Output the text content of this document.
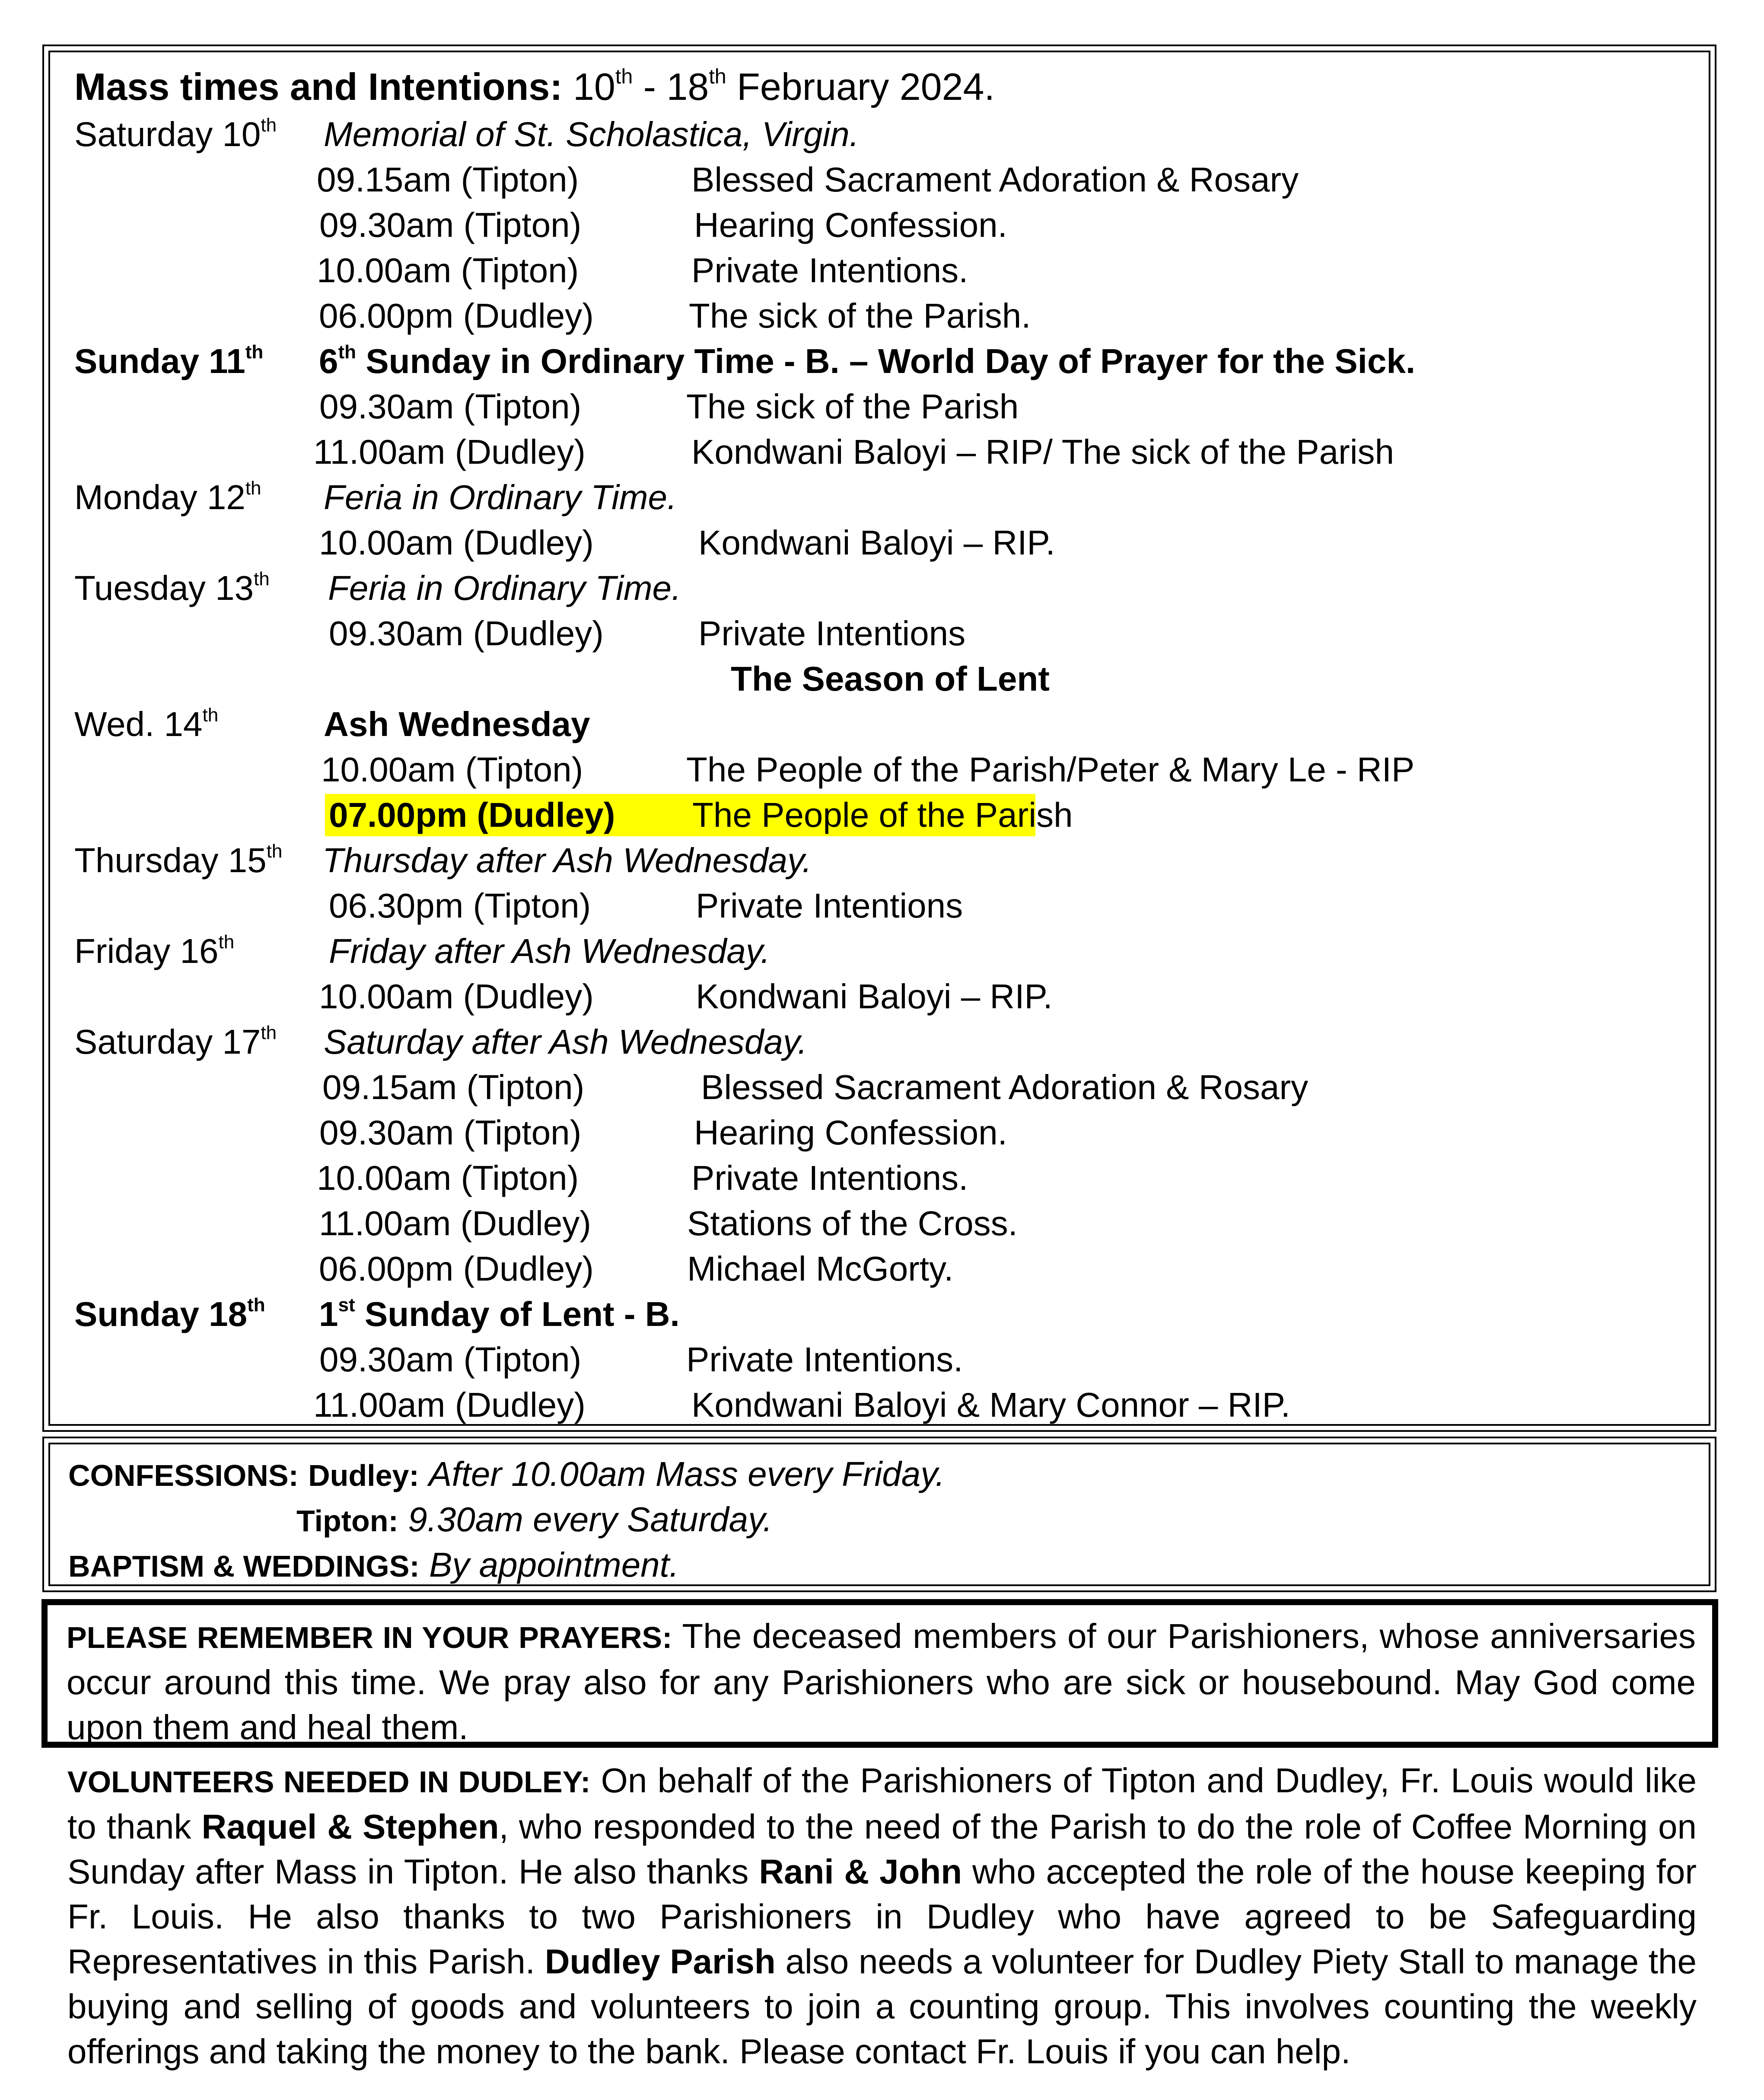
Mass times and Intentions: 10th - 18th February 2024.
Saturday 10th Memorial of St. Scholastica, Virgin.
09.15am (Tipton)	Blessed Sacrament Adoration & Rosary
09.30am (Tipton)	Hearing Confession.
10.00am (Tipton)	Private Intentions.
06.00pm (Dudley)	The sick of the Parish.
Sunday 11th 6th Sunday in Ordinary Time - B. – World Day of Prayer for the Sick.
09.30am (Tipton)	The sick of the Parish
11.00am (Dudley)	Kondwani Baloyi – RIP/ The sick of the Parish
Monday 12th Feria in Ordinary Time.
10.00am (Dudley)	Kondwani Baloyi – RIP.
Tuesday 13th Feria in Ordinary Time.
09.30am (Dudley)	Private Intentions
The Season of Lent
Wed. 14th	Ash Wednesday
10.00am (Tipton)	The People of the Parish/Peter & Mary Le - RIP
07.00pm (Dudley) The People of the Parish
Thursday 15th Thursday after Ash Wednesday.
06.30pm (Tipton)	Private Intentions
Friday 16th	Friday after Ash Wednesday.
10.00am (Dudley)	Kondwani Baloyi – RIP.
Saturday 17th Saturday after Ash Wednesday.
09.15am (Tipton)	Blessed Sacrament Adoration & Rosary
09.30am (Tipton)	Hearing Confession.
10.00am (Tipton)	Private Intentions.
11.00am (Dudley)	Stations of the Cross.
06.00pm (Dudley)	Michael McGorty.
Sunday 18th 1st Sunday of Lent - B.
09.30am (Tipton)	Private Intentions.
11.00am (Dudley)	Kondwani Baloyi & Mary Connor – RIP.
CONFESSIONS: Dudley: After 10.00am Mass every Friday.
Tipton: 9.30am every Saturday.
BAPTISM & WEDDINGS: By appointment.
PLEASE REMEMBER IN YOUR PRAYERS: The deceased members of our Parishioners, whose anniversaries occur around this time. We pray also for any Parishioners who are sick or housebound. May God come upon them and heal them.
VOLUNTEERS NEEDED IN DUDLEY: On behalf of the Parishioners of Tipton and Dudley, Fr. Louis would like to thank Raquel & Stephen, who responded to the need of the Parish to do the role of Coffee Morning on Sunday after Mass in Tipton. He also thanks Rani & John who accepted the role of the house keeping for Fr. Louis. He also thanks to two Parishioners in Dudley who have agreed to be Safeguarding Representatives in this Parish. Dudley Parish also needs a volunteer for Dudley Piety Stall to manage the buying and selling of goods and volunteers to join a counting group. This involves counting the weekly offerings and taking the money to the bank. Please contact Fr. Louis if you can help.
